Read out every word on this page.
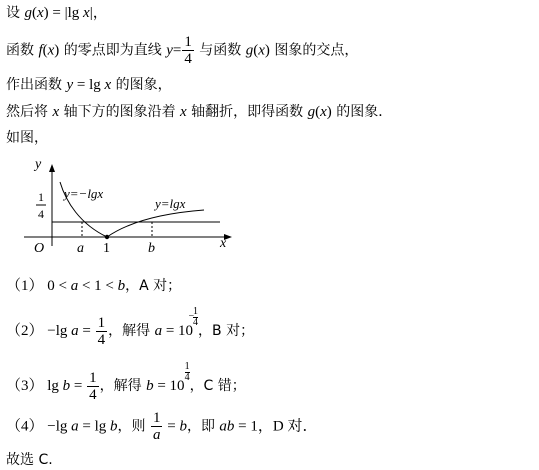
设 g(x) = |lg x|，
函数 f(x) 的零点即为直线 $y= \frac{1}{4}$ 与函数 g(x) 图象的交点，
作出函数 y = lg x 的图象，
然后将 x 轴下方的图象沿着 x 轴翻折，即得函数 g(x) 的图象．
如图，
y
x
O a 1	b
1
4
y=−lgx
y=lgx
（1） 0 < a < 1 < b，A 对；
（2） −lg $a = \frac{1}{4}$ ，解得 a = 10
−
1
4
，B 对；
（3） $\lg b = \frac{1}{4}$ ，解得 b = 10
$\frac{1}{4}$
，C 错；
（4） −lg a = lg b，则 $\frac{1}{a} = b$，即 ab = 1，D 对．
故选 C.
